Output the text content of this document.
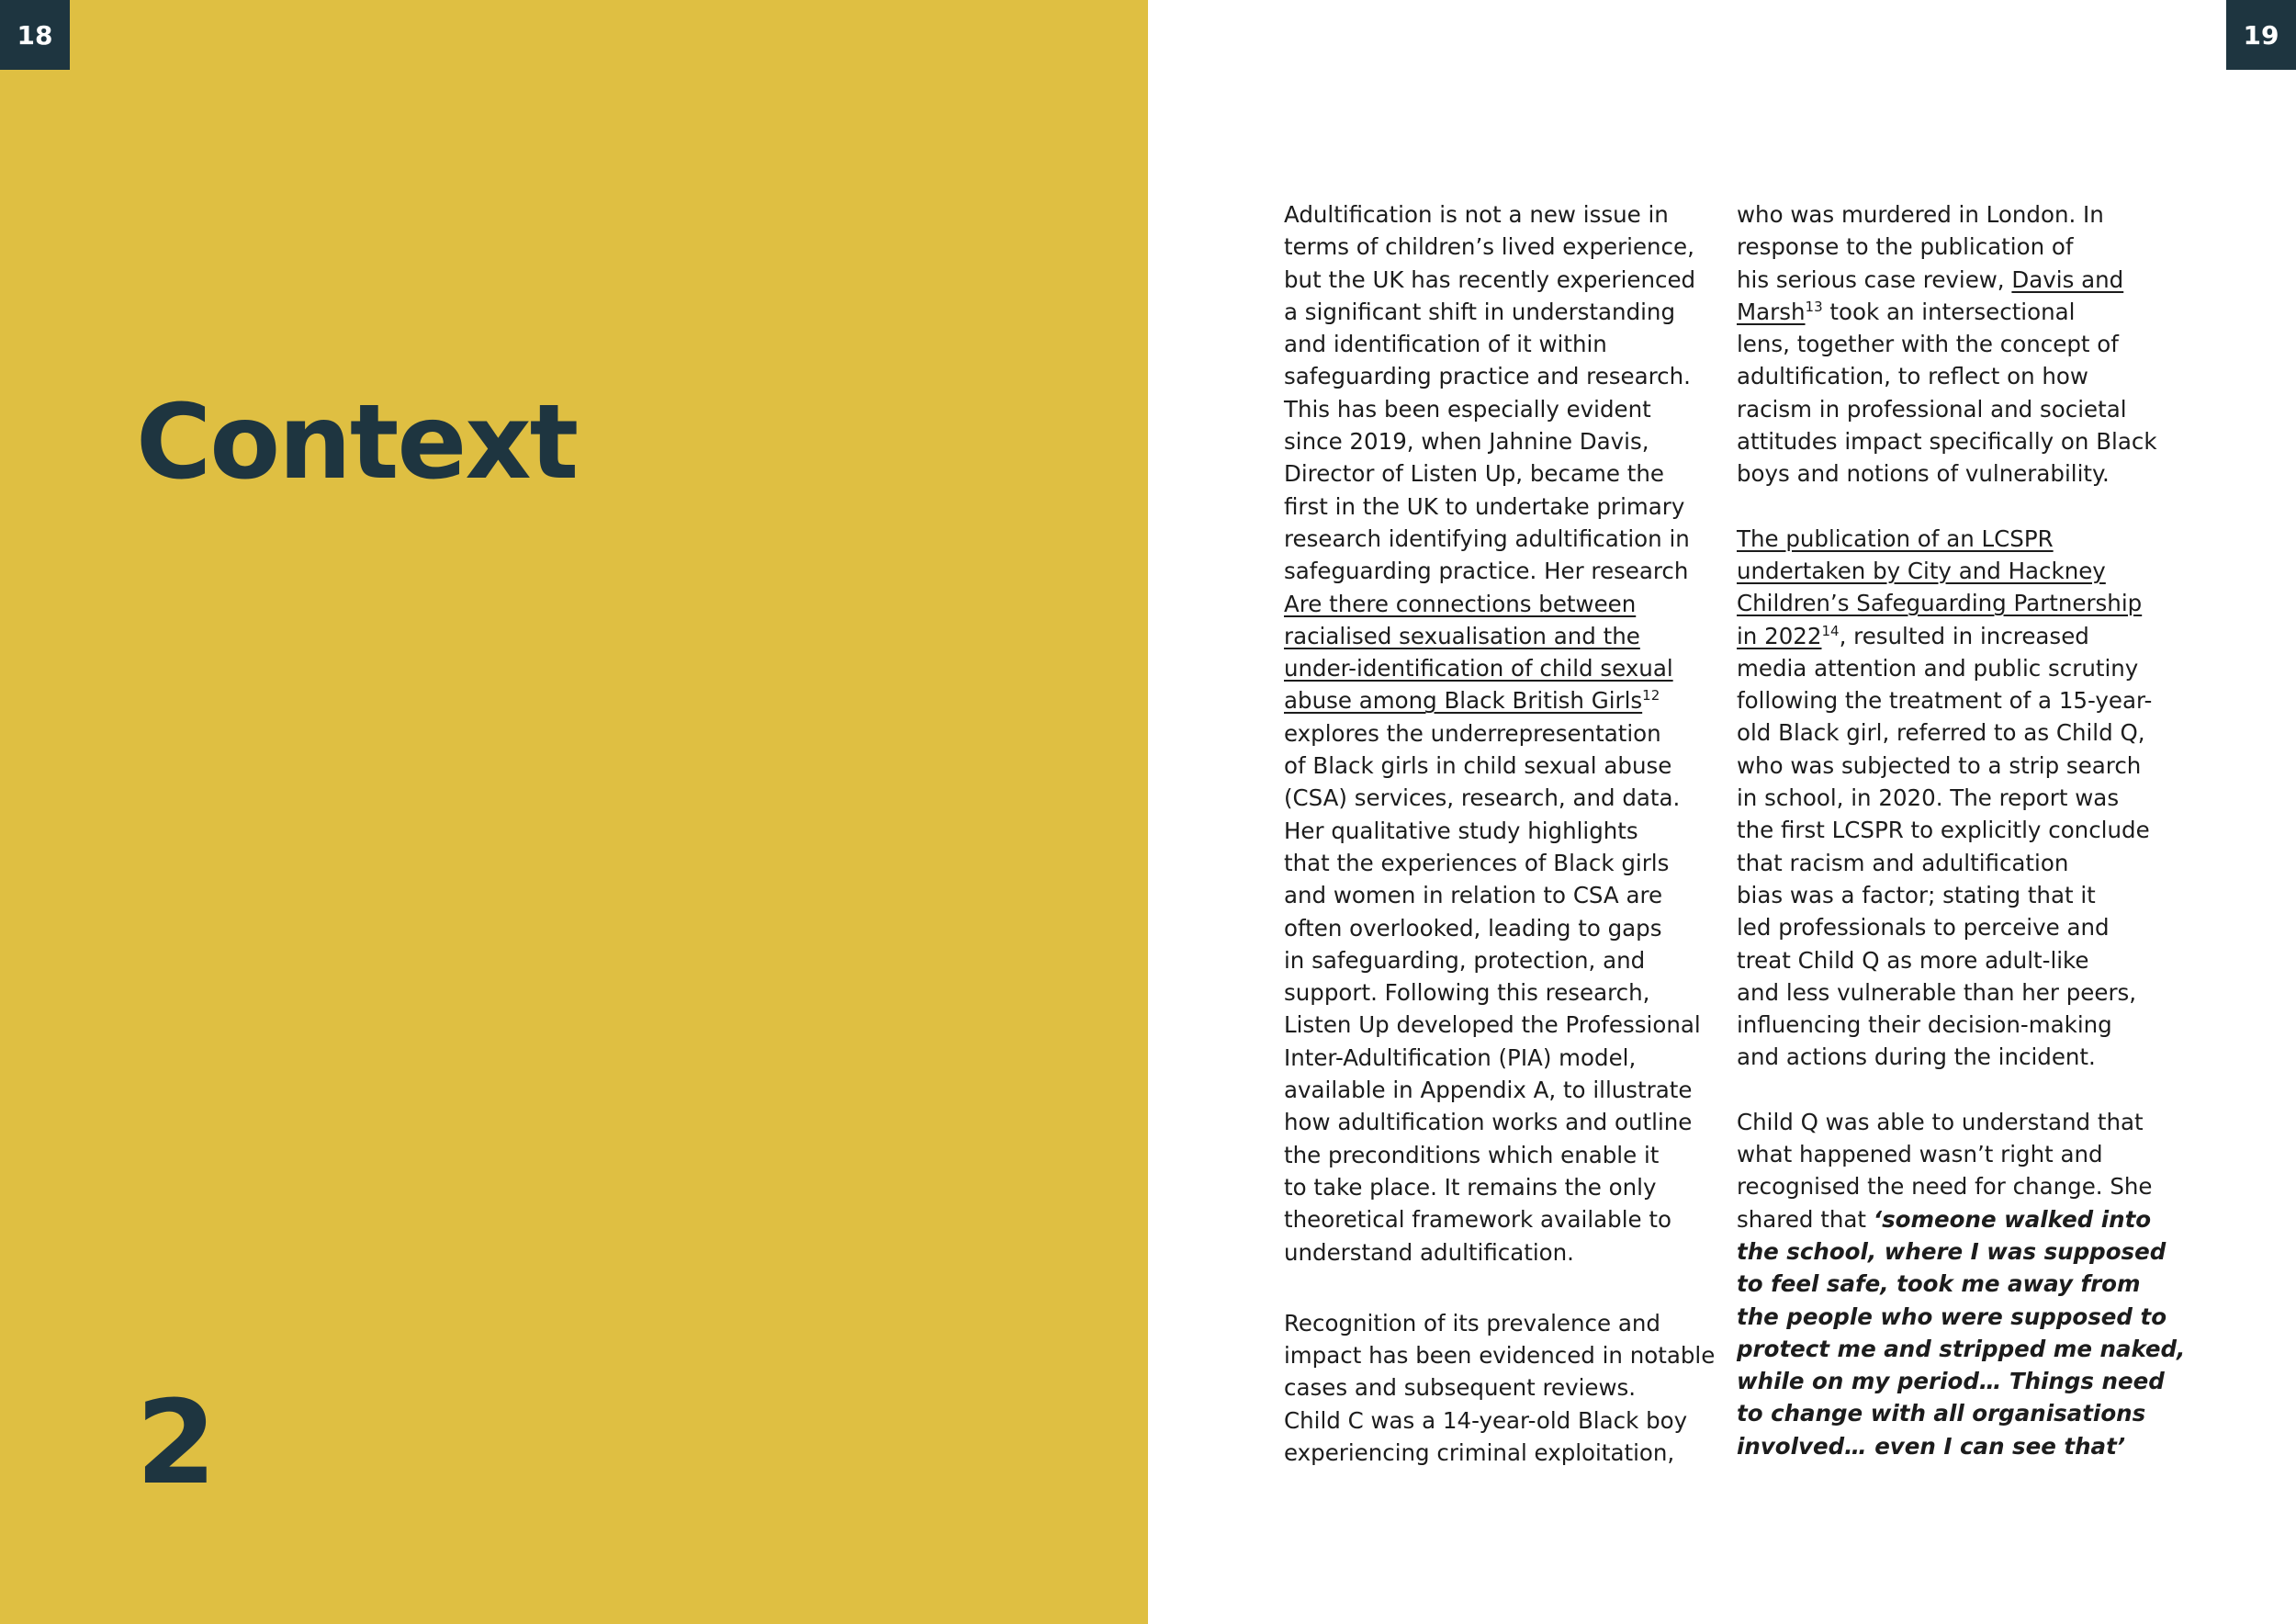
18
Context
2
19

Adultification is not a new issue in
terms of children’s lived experience,
but the UK has recently experienced
a significant shift in understanding
and identification of it within
safeguarding practice and research.
This has been especially evident
since 2019, when Jahnine Davis,
Director of Listen Up, became the
first in the UK to undertake primary
research identifying adultification in
safeguarding practice. Her research
Are there connections between
racialised sexualisation and the
under-identification of child sexual
abuse among Black British Girls$^{12}$
explores the underrepresentation
of Black girls in child sexual abuse
(CSA) services, research, and data.
Her qualitative study highlights
that the experiences of Black girls
and women in relation to CSA are
often overlooked, leading to gaps
in safeguarding, protection, and
support. Following this research,
Listen Up developed the Professional
Inter-Adultification (PIA) model,
available in Appendix A, to illustrate
how adultification works and outline
the preconditions which enable it
to take place. It remains the only
theoretical framework available to
understand adultification.

Recognition of its prevalence and
impact has been evidenced in notable
cases and subsequent reviews.
Child C was a 14-year-old Black boy
experiencing criminal exploitation,

who was murdered in London. In
response to the publication of
his serious case review, Davis and
Marsh$^{13}$ took an intersectional
lens, together with the concept of
adultification, to reflect on how
racism in professional and societal
attitudes impact specifically on Black
boys and notions of vulnerability.

The publication of an LCSPR
undertaken by City and Hackney
Children’s Safeguarding Partnership
in 2022$^{14}$, resulted in increased
media attention and public scrutiny
following the treatment of a 15-year-
old Black girl, referred to as Child Q,
who was subjected to a strip search
in school, in 2020. The report was
the first LCSPR to explicitly conclude
that racism and adultification
bias was a factor; stating that it
led professionals to perceive and
treat Child Q as more adult-like
and less vulnerable than her peers,
influencing their decision-making
and actions during the incident.

Child Q was able to understand that
what happened wasn’t right and
recognised the need for change. She
shared that ‘someone walked into
the school, where I was supposed
to feel safe, took me away from
the people who were supposed to
protect me and stripped me naked,
while on my period… Things need
to change with all organisations
involved… even I can see that’
